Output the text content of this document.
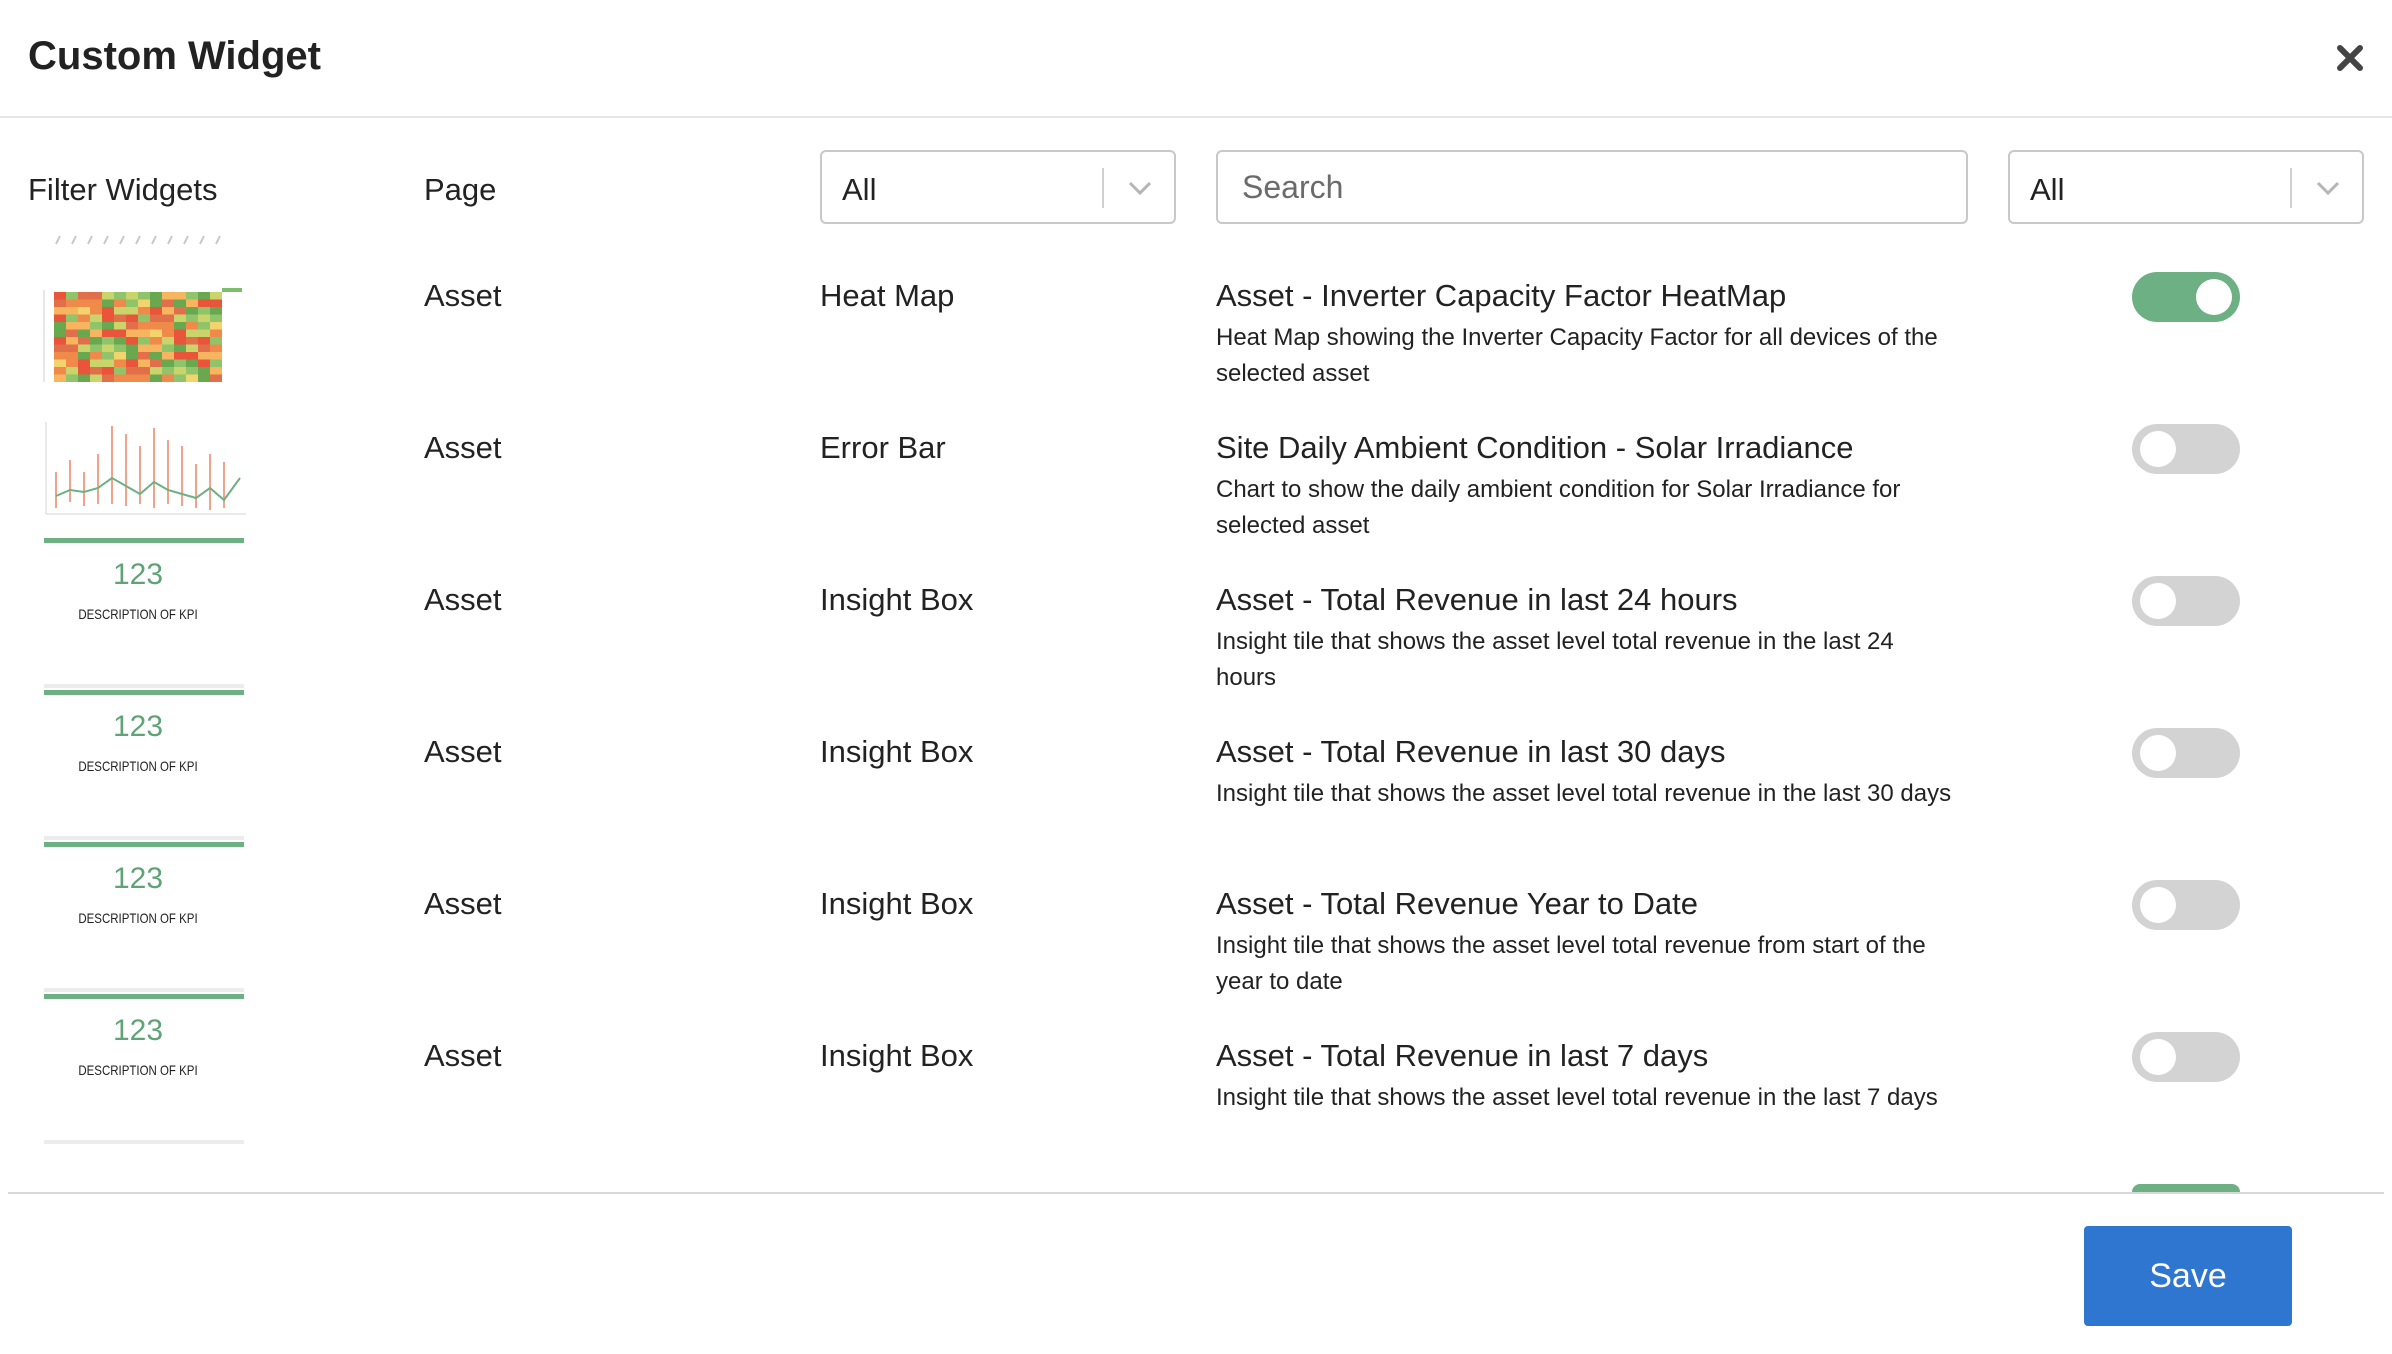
Custom Widget
Filter Widgets	Page	All
Search	All
Asset	Heat Map	Asset - Inverter Capacity Factor HeatMap
Heat Map showing the Inverter Capacity Factor for all devices of the selected asset
Asset	Error Bar	Site Daily Ambient Condition - Solar Irradiance
Chart to show the daily ambient condition for Solar Irradiance for selected asset
123
DESCRIPTION OF KPI	Asset	Insight Box	Asset - Total Revenue in last 24 hours
Insight tile that shows the asset level total revenue in the last 24 hours
123
DESCRIPTION OF KPI	Asset	Insight Box	Asset - Total Revenue in last 30 days
Insight tile that shows the asset level total revenue in the last 30 days
123
DESCRIPTION OF KPI	Asset	Insight Box	Asset - Total Revenue Year to Date
Insight tile that shows the asset level total revenue from start of the year to date
123
DESCRIPTION OF KPI	Asset	Insight Box	Asset - Total Revenue in last 7 days
Insight tile that shows the asset level total revenue in the last 7 days
Save
